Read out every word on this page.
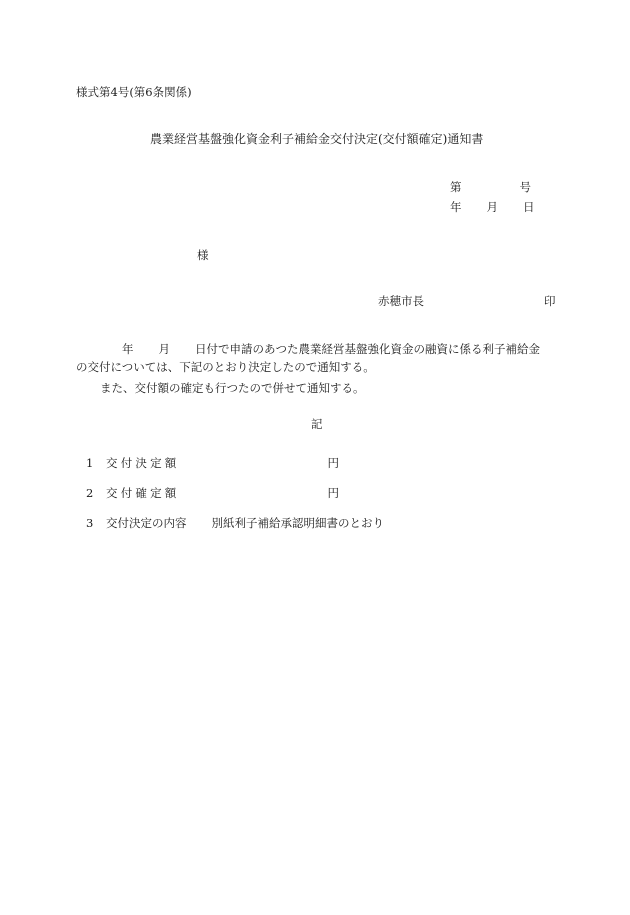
様式第4号(第6条関係)
農業経営基盤強化資金利子補給金交付決定(交付額確定)通知書
第	号
年 月 日
様
赤穂市長	印
年 月 日付で申請のあつた農業経営基盤強化資金の融資に係る利子補給金
の交付については、下記のとおり決定したので通知する。
また、交付額の確定も行つたので併せて通知する。
記
1 交付決定額	円
2 交付確定額	円
3 交付決定の内容 別紙利子補給承認明細書のとおり
